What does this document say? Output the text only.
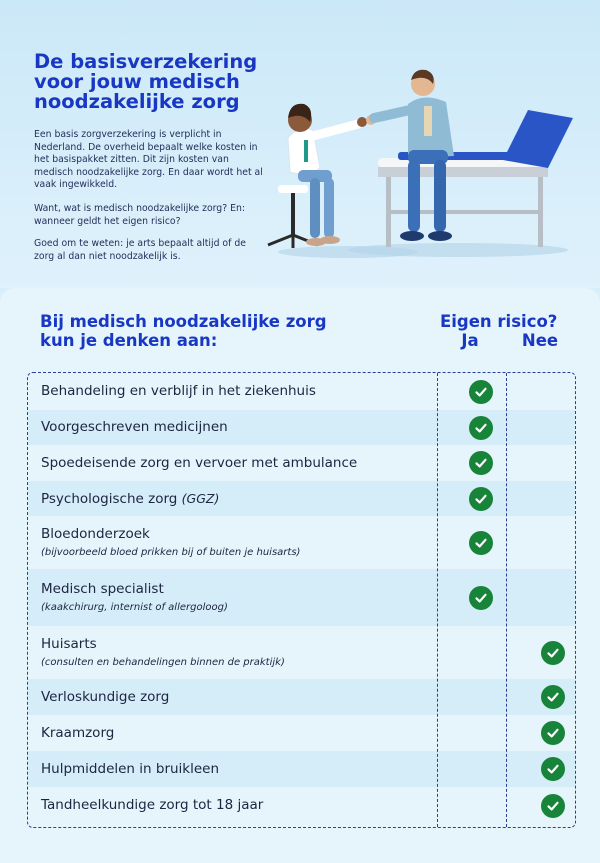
De basisverzekering voor jouw medisch noodzakelijke zorg

Een basis zorgverzekering is verplicht in Nederland. De overheid bepaalt welke kosten in het basispakket zitten. Dit zijn kosten van medisch noodzakelijke zorg. En daar wordt het al vaak ingewikkeld.

Want, wat is medisch noodzakelijke zorg? En: wanneer geldt het eigen risico?

Goed om te weten: je arts bepaalt altijd of de zorg al dan niet noodzakelijk is.

Bij medisch noodzakelijke zorg kun je denken aan:
Eigen risico?
Ja	Nee
Behandeling en verblijf in het ziekenhuis
Voorgeschreven medicijnen
Spoedeisende zorg en vervoer met ambulance
Psychologische zorg (GGZ)
Bloedonderzoek
(bijvoorbeeld bloed prikken bij of buiten je huisarts)
Medisch specialist
(kaakchirurg, internist of allergoloog)
Huisarts
(consulten en behandelingen binnen de praktijk)
Verloskundige zorg
Kraamzorg
Hulpmiddelen in bruikleen
Tandheelkundige zorg tot 18 jaar
